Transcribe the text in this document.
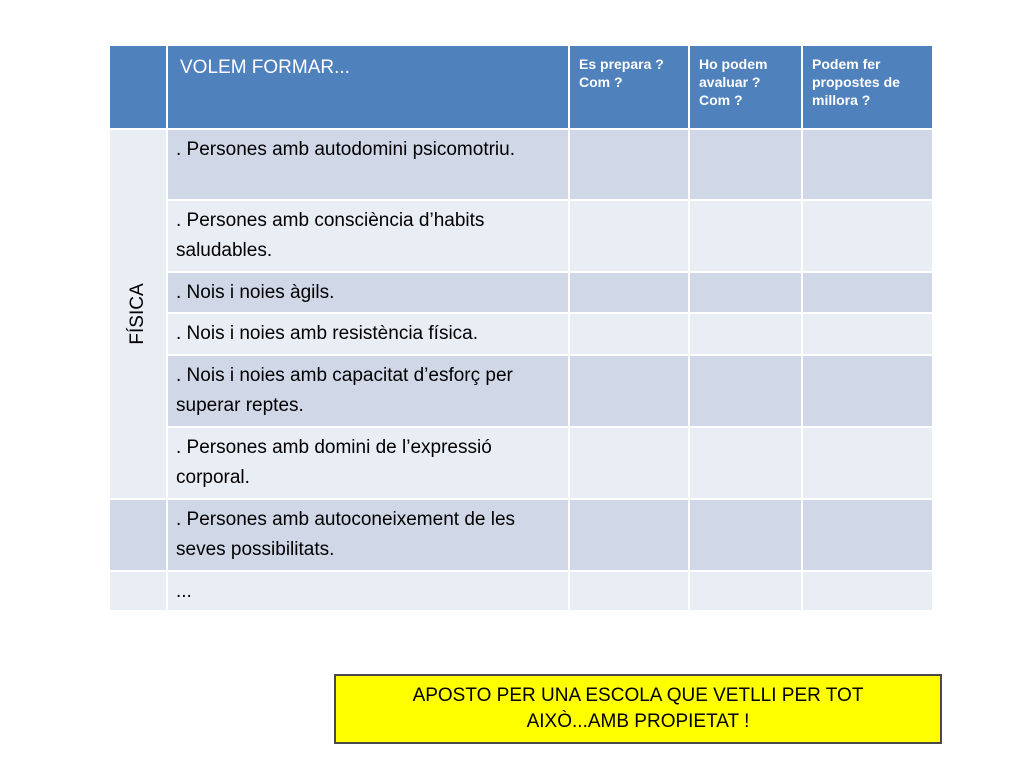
	VOLEM FORMAR...	Es prepara ? Com ?	Ho podem avaluar ? Com ?	Podem fer propostes de millora ?

FÍSICA	. Persones amb autodomini psicomotriu.			
	. Persones amb consciència d’habits saludables.			
	. Nois i noies àgils.			
	. Nois i noies amb resistència física.			
	. Nois i noies amb capacitat d’esforç per superar reptes.			
	. Persones amb domini de l’expressió corporal.			
	. Persones amb autoconeixement de les seves possibilitats.			
	...			
APOSTO PER UNA ESCOLA QUE VETLLI PER TOT AIXÒ...AMB PROPIETAT !
